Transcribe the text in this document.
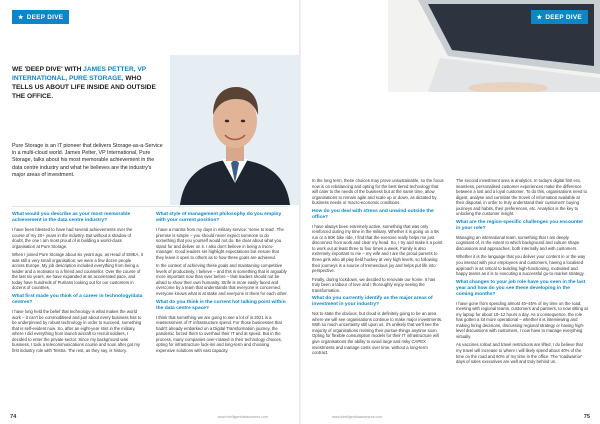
★ DEEP DIVE
WE 'DEEP DIVE' WITH JAMES PETTER, VP INTERNATIONAL, PURE STORAGE, WHO TELLS US ABOUT LIFE INSIDE AND OUTSIDE THE OFFICE.
Pure Storage is an IT pioneer that delivers Storage-as-a-Service in a multi-cloud world. James Petter, VP International, Pure Storage, talks about his most memorable achievement in the data centre industry and what he believes are the industry's major areas of investment.
What would you describe as your most memorable achievement in the data centre industry?

I have been blessed to have had several achievements over the course of my 20+ years in the industry. But without a shadow of doubt, the one I am most proud of is building a world-class organisation at Pure Storage.

When I joined Pure Storage about six years ago, as Head of EMEA, it was still a very small organisation; we were a few dozen people across Europe. My job description included everything from being a leader and a motivator to a friend and counsellor. Over the course of the last six years, we have expanded at an accelerated pace, and today have hundreds of Puritans looking out for our customers in dozens of countries.

What first made you think of a career in technology/data centres?

I have long held the belief that technology is what makes the world work – it can't be commoditised and just about every business has to be underpinned by robust technology in order to succeed, something that is self-evident now. So, after an eight-year stint in the military, where I did everything from launch aircraft to recruit soldiers, I decided to enter the private sector. Since my background was business, I took a telecommunications course and soon after got my first industry role with Telstra. The rest, as they say, is history.

What style of management philosophy do you employ with your current position?

I have a mantra from my days in military service: 'serve to lead'. The premise is simple – you should never expect someone to do something that you yourself would not do. Be clear about what you stand for and deliver on it. I also don't believe in being a micro-manager. Good leaders set highlight expectations but ensure that they leave it open to others as to how these goals are achieved.

In the context of achieving these goals and maintaining competitive levels of productivity, I believe – and this is something that is arguably more important now than ever before – that leaders should not be afraid to show their own humanity. Strife is more easily faced and overcome by a team that understands that everyone is concerned; everyone knows what is at stake and everyone is there for each other.

What do you think is the current hot talking point within the data centre space?

I think that something we are going to see a lot of in 2021 is a reassessment of IT infrastructure spend. For those businesses that hadn't already embarked on a Digital Transformation journey, the pandemic forced them to overhaul their IT and at speed. But in the process, many companies over-rotated in their technology choices, opting for infrastructure lock-ins and long-term and choosing expensive solutions with vast capacity.

74	www.intelligentdatacentres.com
★ DEEP DIVE

In the long term, these choices may prove unsustainable, so the focus now is on rebalancing and opting for the best tiered technology that will cater to the needs of the business but at the same time, allow organisations to remain agile and scale up or down, as dictated by business needs or macro-economic conditions.

How do you deal with stress and unwind outside the office?

I have always been extremely active, something that was only reinforced during my time in the military. Whether it is going on a 5K run or a 50K bike ride, I find that the exercise really helps me just disconnect from work and clear my head. So, I try and make it a point to work out at least three to four times a week. Family is also extremely important to me – my wife and I are the proud parents to three girls who all play field hockey at very high levels, so following their journeys is a source of tremendous joy and helps put life into perspective.

Finally, during lockdown, we decided to renovate our home. It has truly been a labour of love and I thoroughly enjoy seeing the transformation.

What do you currently identify as the major areas of investment in your industry?

Not to state the obvious, but cloud is definitely going to be an area where we will see organisations continue to make major investments. With so much uncertainty still upon us, it's unlikely that we'll see the majority of organisations revising their pursue-things anytime soon. Opting for flexible consumption models for their IT infrastructure will give organisations the ability to avoid large and risky CAPEX investments and manage costs over time, without a long-term contract.

The second investment area is analytics. In today's digital first era, seamless, personalised customer experiences make the difference between a lost and a loyal customer. To do this, organisations need to digest, analyse and correlate the troves of information available at their disposal, in order to truly understand their customers' buying journeys and habits, their preferences, etc. Analytics is the key to unlocking the customer insight.

What are the region-specific challenges you encounter in your role?

Managing an international team, something that I am deeply cognisant of, is the extent to which background and culture shape discussions and approaches, both internally and with customers.

Whether it is the language that you deliver your content in or the way you interact with your employees and customers, having a localised approach is as critical to building high-functioning, motivated and happy teams as it is to executing a successful go-to-market strategy.

What changes to your job role have you seen in the last year and how do you see these developing in the coming months?

I have gone from spending almost 40–45% of my time on the road, meeting with regional teams, customers and partners, to now sitting at my laptop for about 10–12 hours a day. As a consequence, the role has gotten a lot more operational – whether it is interviewing and making hiring decisions, discussing regional strategy or having high-level discussions with customers, I now have to manage everything virtually.

As vaccines rollout and travel restrictions are lifted, I do believe that my travel will increase to where I will likely spend about 40% of the time on the road and 60% of my time in the office. The 'roadwarrior' days of sales executives are well and truly behind us.

www.intelligentdatacentres.com	75
